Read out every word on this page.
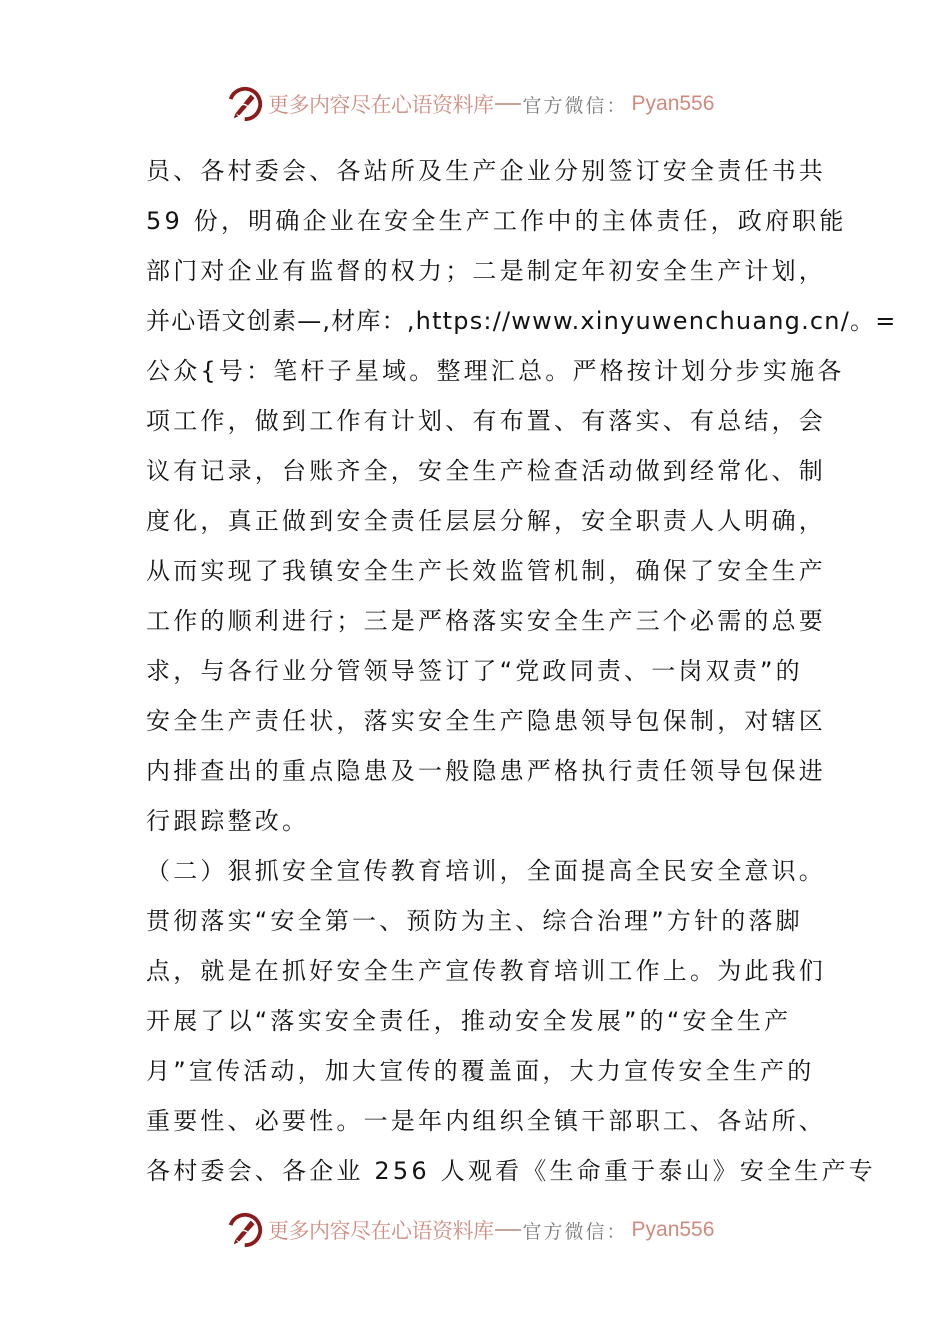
更多内容尽在心语资料库 官方微信： Pyan556
员、各村委会、各站所及生产企业分别签订安全责任书共
59 份，明确企业在安全生产工作中的主体责任，政府职能
部门对企业有监督的权力；二是制定年初安全生产计划，
并心语文创素—,材库：,https://www.xinyuwenchuang.cn/。=
公众{号：笔杆子星域。整理汇总。严格按计划分步实施各
项工作，做到工作有计划、有布置、有落实、有总结，会
议有记录，台账齐全，安全生产检查活动做到经常化、制
度化，真正做到安全责任层层分解，安全职责人人明确，
从而实现了我镇安全生产长效监管机制，确保了安全生产
工作的顺利进行；三是严格落实安全生产三个必需的总要
求，与各行业分管领导签订了“党政同责、一岗双责”的
安全生产责任状，落实安全生产隐患领导包保制，对辖区
内排查出的重点隐患及一般隐患严格执行责任领导包保进
行跟踪整改。
（二）狠抓安全宣传教育培训，全面提高全民安全意识。
贯彻落实“安全第一、预防为主、综合治理”方针的落脚
点，就是在抓好安全生产宣传教育培训工作上。为此我们
开展了以“落实安全责任，推动安全发展”的“安全生产
月”宣传活动，加大宣传的覆盖面，大力宣传安全生产的
重要性、必要性。一是年内组织全镇干部职工、各站所、
各村委会、各企业 256 人观看《生命重于泰山》安全生产专
更多内容尽在心语资料库 官方微信： Pyan556
